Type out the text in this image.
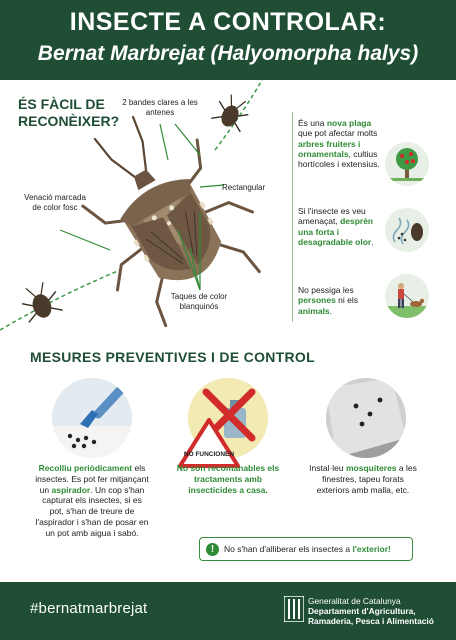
INSECTE A CONTROLAR:
Bernat Marbrejat (Halyomorpha halys)
ÉS FÀCIL DE RECONÈIXER?
2 bandes clares a les antenes
Venació marcada de color fosc
Rectangular
Taques de color blanquinós
És una nova plaga que pot afectar molts arbres fruiters i ornamentals, cultius hortícoles i extensius.
Si l'insecte es veu amenaçat, desprèn una forta i desagradable olor.
No pessiga les persones ni els animals.
MESURES PREVENTIVES I DE CONTROL
NO FUNCIONEN
Recolliu periòdicament els insectes. Es pot fer mitjançant un aspirador. Un cop s'han capturat els insectes, si es pot, s'han de treure de l'aspirador i s'han de posar en un pot amb aigua i sabó.
No són recomanables els tractaments amb insecticides a casa.
Instal·leu mosquiteres a les finestres, tapeu forats exteriors amb malla, etc.
!	No s'han d'alliberar els insectes a l'exterior!
#bernatmarbrejat	Generalitat de Catalunya
Departament d'Agricultura,
Ramaderia, Pesca i Alimentació
